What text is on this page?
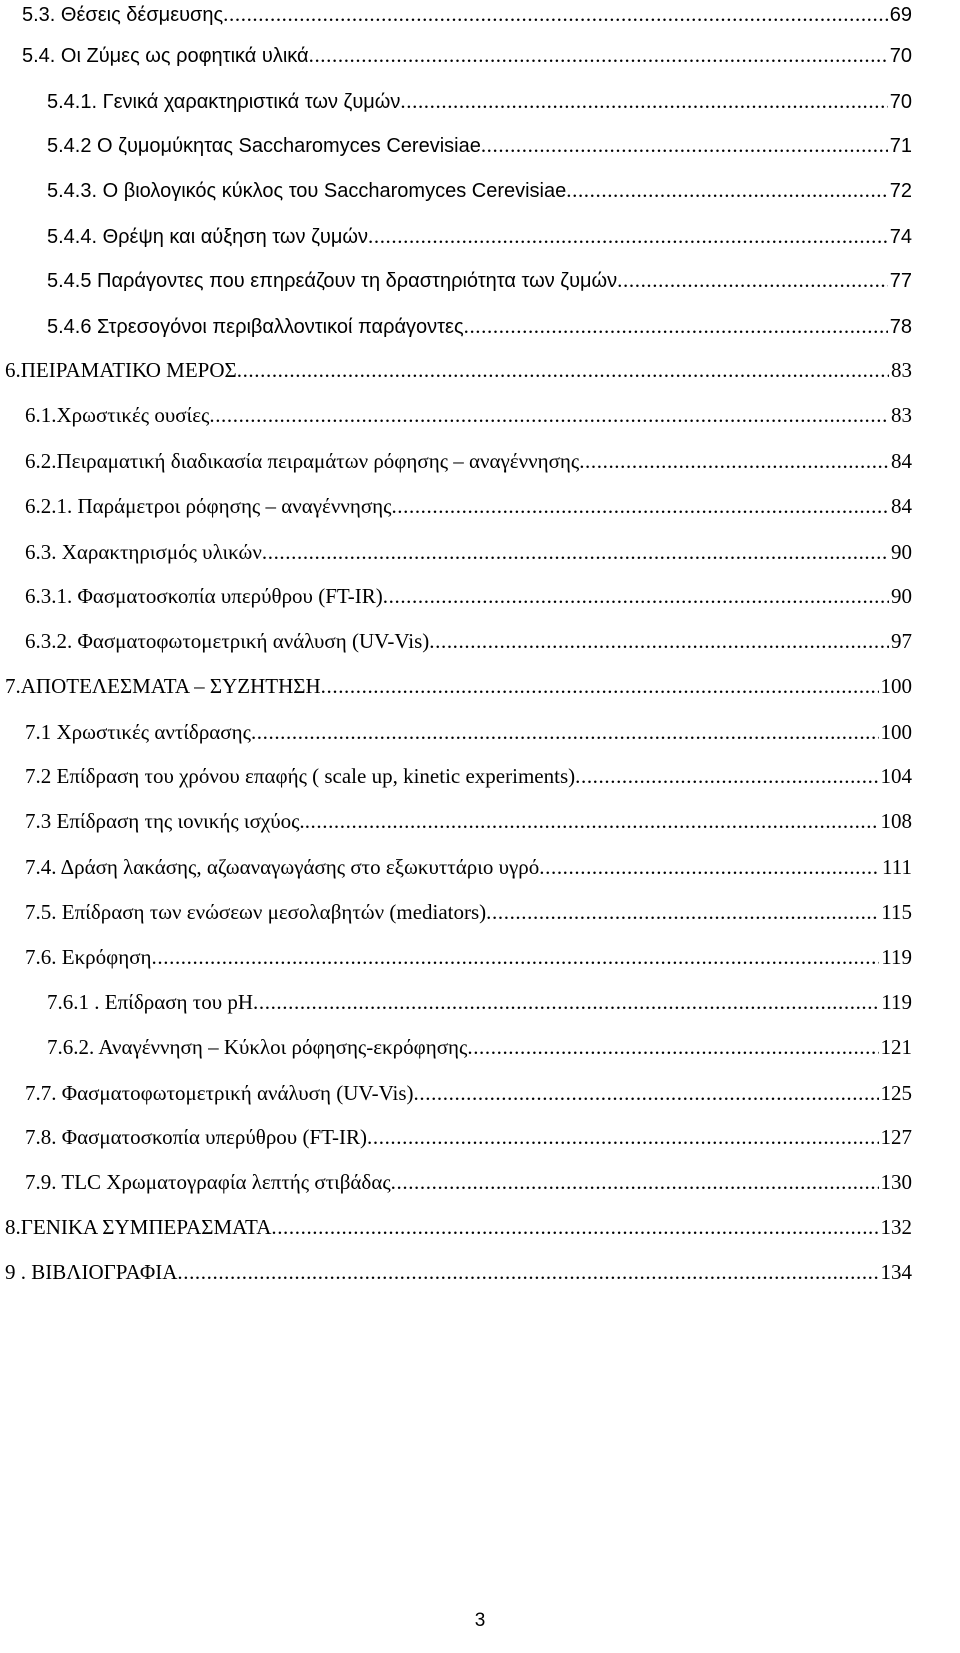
5.3. Θέσεις δέσμευσης .....	69
5.4. Οι Ζύμες ως ροφητικά υλικά .....	70
5.4.1. Γενικά χαρακτηριστικά των ζυμών .....	70
5.4.2 Ο ζυμομύκητας Saccharomyces Cerevisiae .....	71
5.4.3. Ο βιολογικός κύκλος του Saccharomyces Cerevisiae .....	72
5.4.4. Θρέψη και αύξηση των ζυμών .....	74
5.4.5 Παράγοντες που επηρεάζουν τη δραστηριότητα των ζυμών .....	77
5.4.6 Στρεσογόνοι περιβαλλοντικοί παράγοντες .....	78
6.ΠΕΙΡΑΜΑΤΙΚΟ ΜΕΡΟΣ .....	83
6.1.Χρωστικές ουσίες .....	83
6.2.Πειραματική διαδικασία πειραμάτων ρόφησης – αναγέννησης .....	84
6.2.1. Παράμετροι ρόφησης – αναγέννησης .....	84
6.3. Χαρακτηρισμός υλικών .....	90
6.3.1. Φασματοσκοπία υπερύθρου (FT-IR) .....	90
6.3.2. Φασματοφωτομετρική ανάλυση (UV-Vis) .....	97
7.ΑΠΟΤΕΛΕΣΜΑΤΑ – ΣΥΖΗΤΗΣΗ .....	100
7.1 Χρωστικές αντίδρασης .....	100
7.2 Επίδραση του χρόνου επαφής ( scale up, kinetic experiments) .....	104
7.3 Επίδραση της ιονικής ισχύος. .....	108
7.4. Δράση λακάσης, αζωαναγωγάσης στο εξωκυττάριο υγρό .....	111
7.5. Επίδραση των ενώσεων μεσολαβητών (mediators) .....	115
7.6. Εκρόφηση .....	119
7.6.1 . Επίδραση του pH .....	119
7.6.2. Αναγέννηση – Κύκλοι ρόφησης-εκρόφησης .....	121
7.7. Φασματοφωτομετρική ανάλυση (UV-Vis) .....	125
7.8. Φασματοσκοπία υπερύθρου (FT-IR) .....	127
7.9. TLC Χρωματογραφία λεπτής στιβάδας .....	130
8.ΓΕΝΙΚΑ ΣΥΜΠΕΡΑΣΜΑΤΑ .....	132
9 . ΒΙΒΛΙΟΓΡΑΦΙΑ .....	134
3
